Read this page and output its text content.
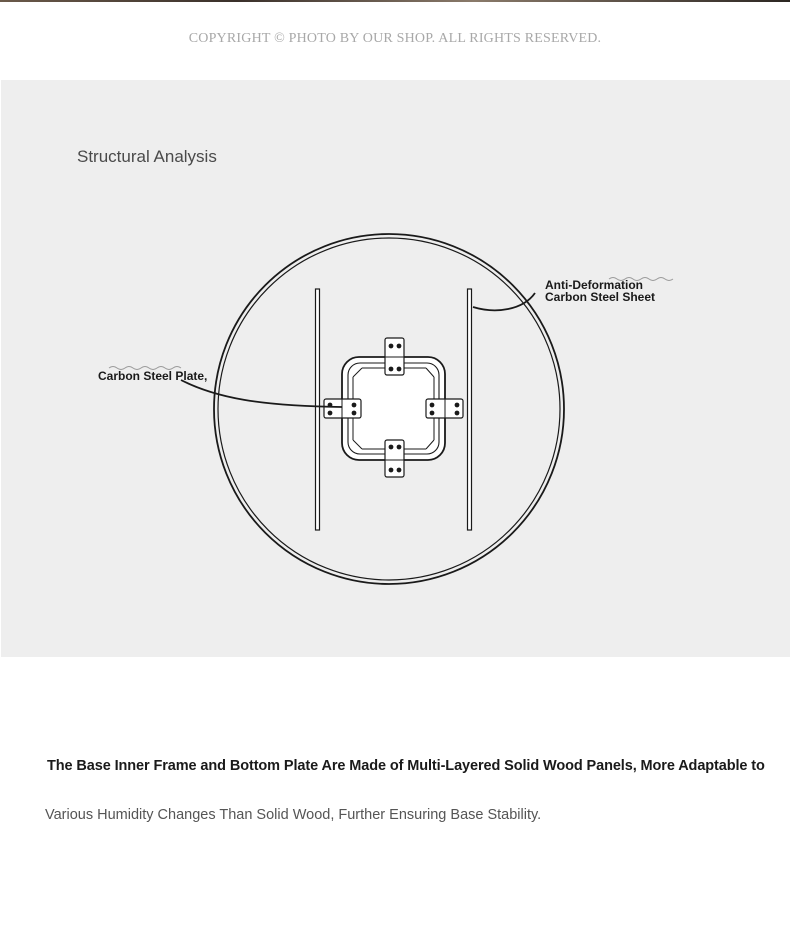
COPYRIGHT © PHOTO BY OUR SHOP. ALL RIGHTS RESERVED.
Structural Analysis
Carbon Steel Plate,
Anti-Deformation
Carbon Steel Sheet
The Base Inner Frame and Bottom Plate Are Made of Multi-Layered Solid Wood Panels, More Adaptable to
Various Humidity Changes Than Solid Wood, Further Ensuring Base Stability.
